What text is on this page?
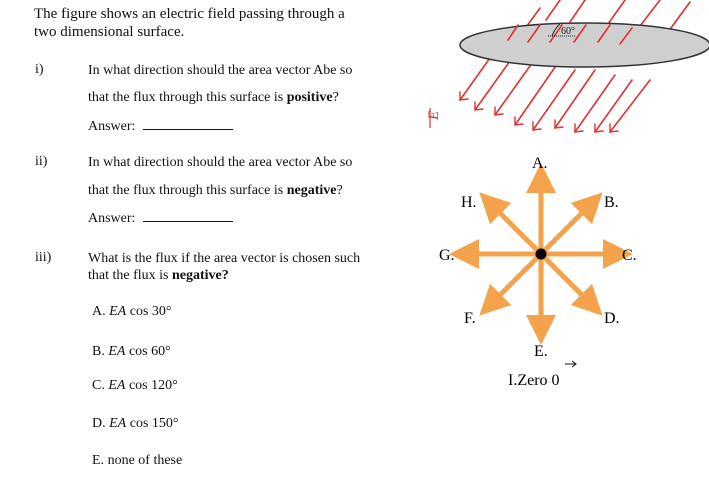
The figure shows an electric field passing through a
two dimensional surface.
i)	In what direction should the area vector Abe so
that the flux through this surface is positive?
Answer:
ii)	In what direction should the area vector Abe so
that the flux through this surface is negative?
Answer:
iii)	What is the flux if the area vector is chosen such
that the flux is negative?
A. EA cos 30°
B. EA cos 60°
C. EA cos 120°
D. EA cos 150°
E. none of these
60°
E
A.
B.
C.
D.
E.
F.
G.
H.
I.Zero 0
